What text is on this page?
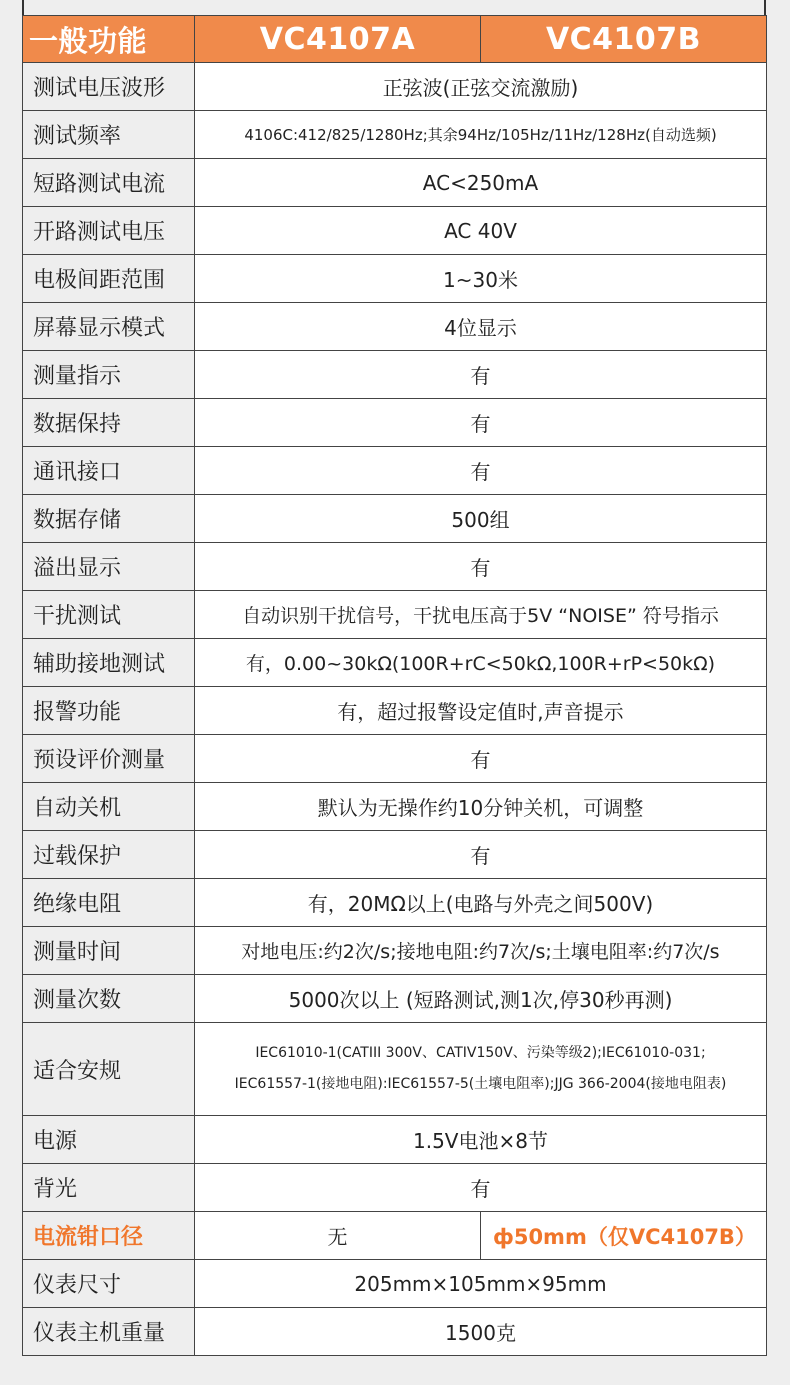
一般功能	VC4107A	VC4107B
测试电压波形	正弦波(正弦交流激励)	
测试频率	4106C:412/825/1280Hz;其余94Hz/105Hz/11Hz/128Hz(自动选频)	
短路测试电流	AC<250mA	
开路测试电压	AC 40V	
电极间距范围	1~30米	
屏幕显示模式	4位显示	
测量指示	有	
数据保持	有	
通讯接口	有	
数据存储	500组	
溢出显示	有	
干扰测试	自动识别干扰信号，干扰电压高于5V “NOISE” 符号指示	
辅助接地测试	有，0.00~30kΩ(100R+rC<50kΩ,100R+rP<50kΩ)	
报警功能	有，超过报警设定值时,声音提示	
预设评价测量	有	
自动关机	默认为无操作约10分钟关机，可调整	
过载保护	有	
绝缘电阻	有，20MΩ以上(电路与外壳之间500V)	
测量时间	对地电压:约2次/s;接地电阻:约7次/s;土壤电阻率:约7次/s	
测量次数	5000次以上 (短路测试,测1次,停30秒再测)	
适合安规	IEC61010-1(CATIII 300V、CATIV150V、污染等级2);IEC61010-031;
IEC61557-1(接地电阻):IEC61557-5(土壤电阻率);JJG 366-2004(接地电阻表)	

电源	1.5V电池×8节	
背光	有	
电流钳口径	无	ф50mm（仅VC4107B）
仪表尺寸	205mm×105mm×95mm	
仪表主机重量	1500克	
